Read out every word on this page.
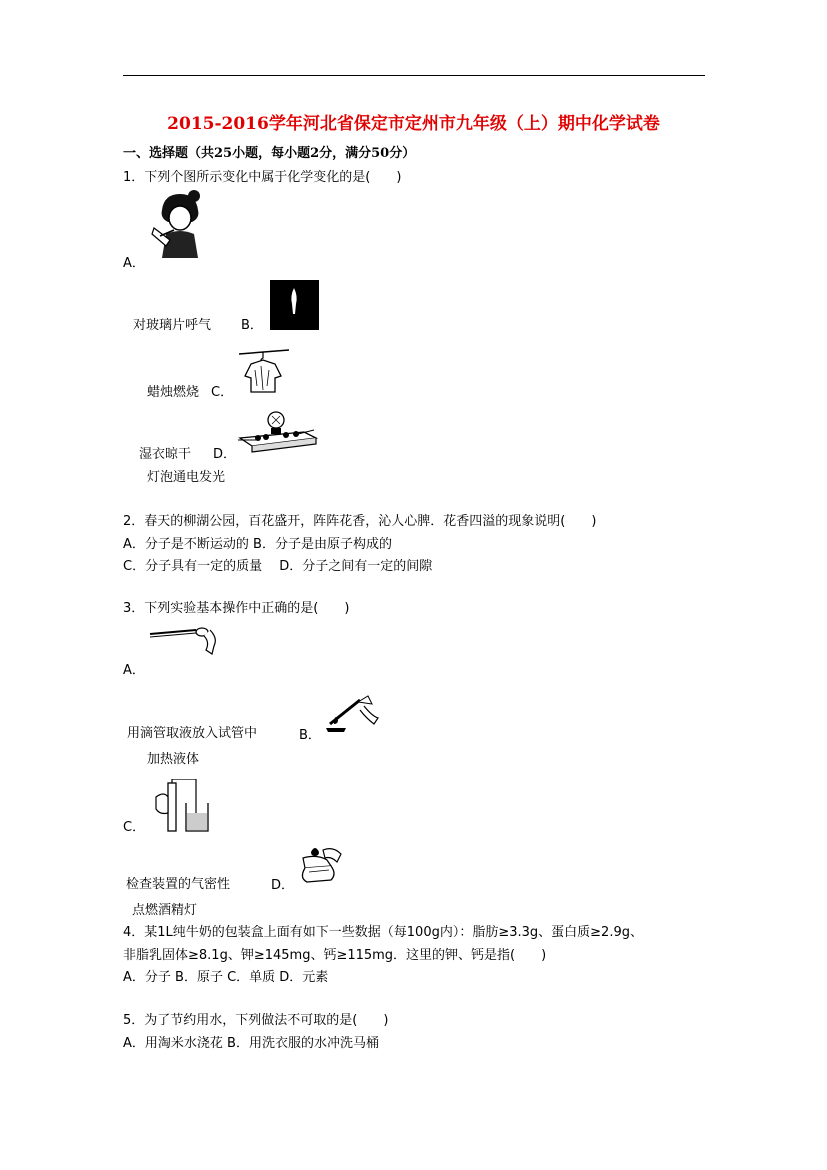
2015-2016学年河北省保定市定州市九年级（上）期中化学试卷
一、选择题（共25小题，每小题2分，满分50分）
1．下列个图所示变化中属于化学变化的是(　　)
A．
对玻璃片呼气 B．
蜡烛燃烧 C．
湿衣晾干 D．
灯泡通电发光
2．春天的柳湖公园，百花盛开，阵阵花香，沁人心脾．花香四溢的现象说明(　　)
A．分子是不断运动的 B．分子是由原子构成的
C．分子具有一定的质量　 D．分子之间有一定的间隙
3．下列实验基本操作中正确的是(　　)
A．
用滴管取液放入试管中	B．
加热液体
C．
检查装置的气密性	D．
点燃酒精灯
4．某1L纯牛奶的包装盒上面有如下一些数据（每100g内）：脂肪≥3.3g、蛋白质≥2.9g、
非脂乳固体≥8.1g、钾≥145mg、钙≥115mg．这里的钾、钙是指(　　)
A．分子 B．原子 C．单质 D．元素
5．为了节约用水，下列做法不可取的是(　　)
A．用淘米水浇花 B．用洗衣服的水冲洗马桶
